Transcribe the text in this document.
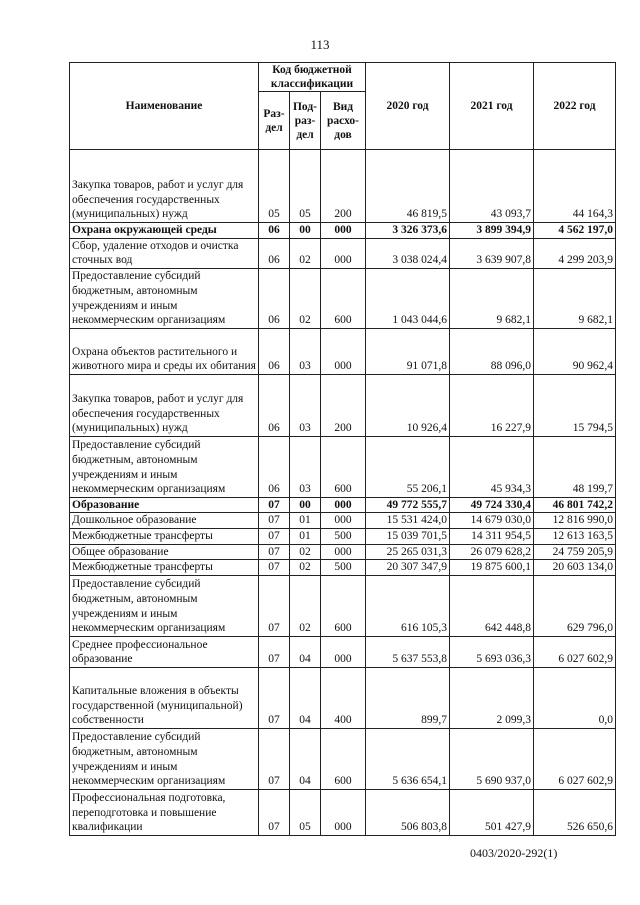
113
Наименование	Код бюджетной классификации			2020 год	2021 год	2022 год
	Раз-дел	Под-раз-дел	Вид расхо-дов			
Закупка товаров, работ и услуг для обеспечения государственных (муниципальных) нужд	05	05	200	46 819,5	43 093,7	44 164,3
Охрана окружающей среды	06	00	000	3 326 373,6	3 899 394,9	4 562 197,0
Сбор, удаление отходов и очистка сточных вод	06	02	000	3 038 024,4	3 639 907,8	4 299 203,9
Предоставление субсидий бюджетным, автономным учреждениям и иным некоммерческим организациям	06	02	600	1 043 044,6	9 682,1	9 682,1
Охрана объектов растительного и животного мира и среды их обитания	06	03	000	91 071,8	88 096,0	90 962,4
Закупка товаров, работ и услуг для обеспечения государственных (муниципальных) нужд	06	03	200	10 926,4	16 227,9	15 794,5
Предоставление субсидий бюджетным, автономным учреждениям и иным некоммерческим организациям	06	03	600	55 206,1	45 934,3	48 199,7
Образование	07	00	000	49 772 555,7	49 724 330,4	46 801 742,2
Дошкольное образование	07	01	000	15 531 424,0	14 679 030,0	12 816 990,0
Межбюджетные трансферты	07	01	500	15 039 701,5	14 311 954,5	12 613 163,5
Общее образование	07	02	000	25 265 031,3	26 079 628,2	24 759 205,9
Межбюджетные трансферты	07	02	500	20 307 347,9	19 875 600,1	20 603 134,0
Предоставление субсидий бюджетным, автономным учреждениям и иным некоммерческим организациям	07	02	600	616 105,3	642 448,8	629 796,0
Среднее профессиональное образование	07	04	000	5 637 553,8	5 693 036,3	6 027 602,9
Капитальные вложения в объекты государственной (муниципальной) собственности	07	04	400	899,7	2 099,3	0,0
Предоставление субсидий бюджетным, автономным учреждениям и иным некоммерческим организациям	07	04	600	5 636 654,1	5 690 937,0	6 027 602,9
Профессиональная подготовка, переподготовка и повышение квалификации	07	05	000	506 803,8	501 427,9	526 650,6
0403/2020-292(1)
